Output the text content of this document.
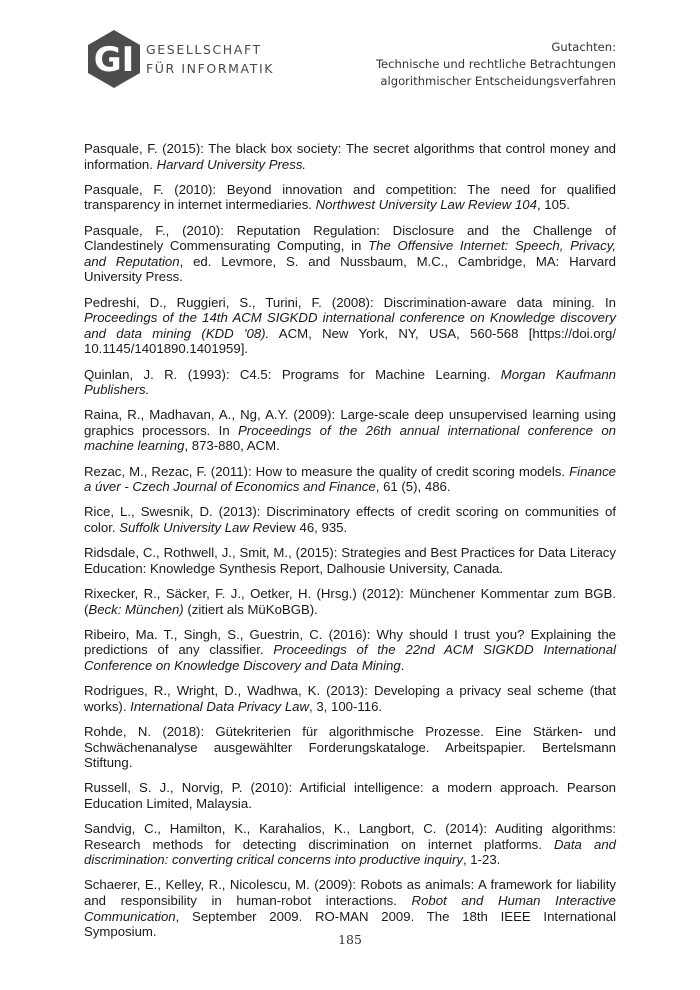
GI GESELLSCHAFT
FÜR INFORMATIK
Gutachten:
Technische und rechtliche Betrachtungen
algorithmischer Entscheidungsverfahren

Pasquale, F. (2015): The black box society: The secret algorithms that control money and information. Harvard University Press.

Pasquale, F. (2010): Beyond innovation and competition: The need for qualified transparency in internet intermediaries. Northwest University Law Review 104, 105.

Pasquale, F., (2010): Reputation Regulation: Disclosure and the Challenge of Clandestinely Commensurating Computing, in The Offensive Internet: Speech, Privacy, and Reputation, ed. Levmore, S. and Nussbaum, M.C., Cambridge, MA: Harvard University Press.

Pedreshi, D., Ruggieri, S., Turini, F. (2008): Discrimination-aware data mining. In Proceedings of the 14th ACM SIGKDD international conference on Knowledge discovery and data mining (KDD '08). ACM, New York, NY, USA, 560-568 [https://doi.org/ 10.1145/1401890.1401959].

Quinlan, J. R. (1993): C4.5: Programs for Machine Learning. Morgan Kaufmann Publishers.

Raina, R., Madhavan, A., Ng, A.Y. (2009): Large-scale deep unsupervised learning using graphics processors. In Proceedings of the 26th annual international conference on machine learning, 873-880, ACM.

Rezac, M., Rezac, F. (2011): How to measure the quality of credit scoring models. Finance a úver - Czech Journal of Economics and Finance, 61 (5), 486.

Rice, L., Swesnik, D. (2013): Discriminatory effects of credit scoring on communities of color. Suffolk University Law Review 46, 935.

Ridsdale, C., Rothwell, J., Smit, M., (2015): Strategies and Best Practices for Data Literacy Education: Knowledge Synthesis Report, Dalhousie University, Canada.

Rixecker, R., Säcker, F. J., Oetker, H. (Hrsg.) (2012): Münchener Kommentar zum BGB. (Beck: München) (zitiert als MüKoBGB).

Ribeiro, Ma. T., Singh, S., Guestrin, C. (2016): Why should I trust you? Explaining the predictions of any classifier. Proceedings of the 22nd ACM SIGKDD International Conference on Knowledge Discovery and Data Mining.

Rodrigues, R., Wright, D., Wadhwa, K. (2013): Developing a privacy seal scheme (that works). International Data Privacy Law, 3, 100-116.

Rohde, N. (2018): Gütekriterien für algorithmische Prozesse. Eine Stärken- und Schwächenanalyse ausgewählter Forderungskataloge. Arbeitspapier. Bertelsmann Stiftung.

Russell, S. J., Norvig, P. (2010): Artificial intelligence: a modern approach. Pearson Education Limited, Malaysia.

Sandvig, C., Hamilton, K., Karahalios, K., Langbort, C. (2014): Auditing algorithms: Research methods for detecting discrimination on internet platforms. Data and discrimination: converting critical concerns into productive inquiry, 1-23.

Schaerer, E., Kelley, R., Nicolescu, M. (2009): Robots as animals: A framework for liability and responsibility in human-robot interactions. Robot and Human Interactive Communication, September 2009. RO-MAN 2009. The 18th IEEE International Symposium.

185
